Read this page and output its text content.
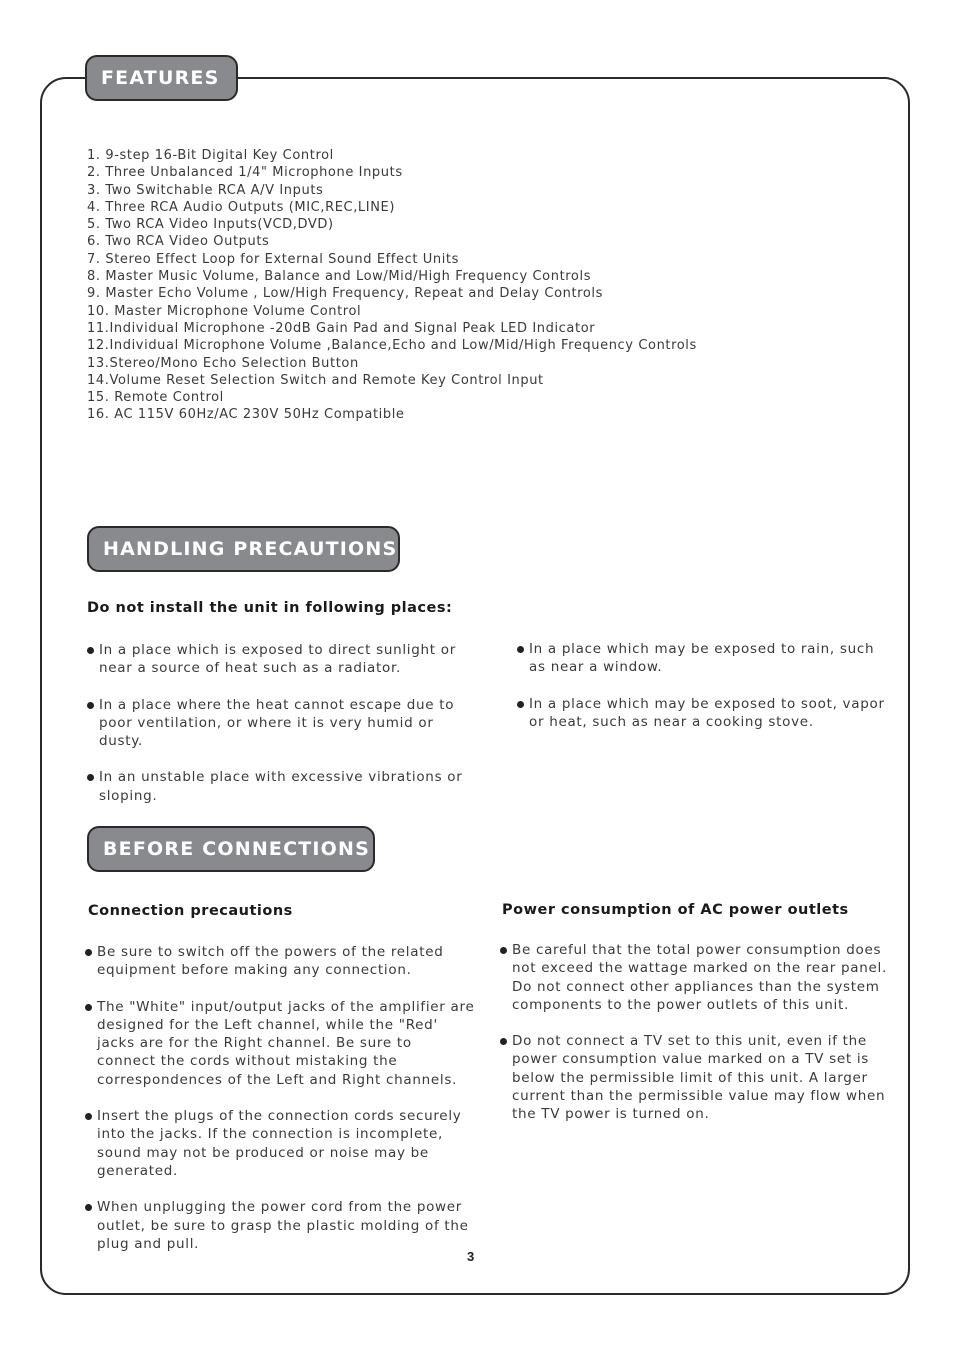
FEATURES
1. 9-step 16-Bit Digital Key Control
2. Three Unbalanced 1/4" Microphone Inputs
3. Two Switchable RCA A/V Inputs
4. Three RCA Audio Outputs (MIC,REC,LINE)
5. Two RCA Video Inputs(VCD,DVD)
6. Two RCA Video Outputs
7. Stereo Effect Loop for External Sound Effect Units
8. Master Music Volume, Balance and Low/Mid/High Frequency Controls
9. Master Echo Volume , Low/High Frequency, Repeat and Delay Controls
10. Master Microphone Volume Control
11.Individual Microphone -20dB Gain Pad and Signal Peak LED Indicator
12.Individual Microphone Volume ,Balance,Echo and Low/Mid/High Frequency Controls
13.Stereo/Mono Echo Selection Button
14.Volume Reset Selection Switch and Remote Key Control Input
15. Remote Control
16. AC 115V 60Hz/AC 230V 50Hz Compatible
HANDLING PRECAUTIONS
Do not install the unit in following places:
In a place which is exposed to direct sunlight or near a source of heat such as a radiator.
In a place where the heat cannot escape due to poor ventilation, or where it is very humid or dusty.
In an unstable place with excessive vibrations or sloping.
In a place which may be exposed to rain, such as near a window.
In a place which may be exposed to soot, vapor or heat, such as near a cooking stove.
BEFORE CONNECTIONS
Connection precautions
Be sure to switch off the powers of the related equipment before making any connection.
The "White" input/output jacks of the amplifier are designed for the Left channel, while the "Red' jacks are for the Right channel. Be sure to connect the cords without mistaking the correspondences of the Left and Right channels.
Insert the plugs of the connection cords securely into the jacks. If the connection is incomplete, sound may not be produced or noise may be generated.
When unplugging the power cord from the power outlet, be sure to grasp the plastic molding of the plug and pull.
Power consumption of AC power outlets
Be careful that the total power consumption does not exceed the wattage marked on the rear panel. Do not connect other appliances than the system components to the power outlets of this unit.
Do not connect a TV set to this unit, even if the power consumption value marked on a TV set is below the permissible limit of this unit. A larger current than the permissible value may flow when the TV power is turned on.
3
